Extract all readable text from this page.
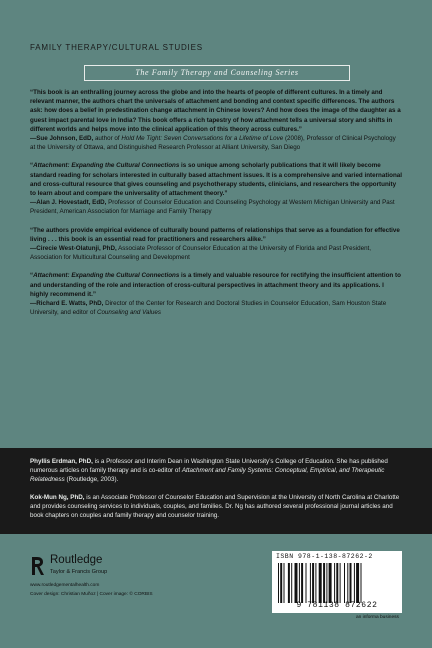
FAMILY THERAPY/CULTURAL STUDIES
The Family Therapy and Counseling Series

“This book is an enthralling journey across the globe and into the hearts of people of different cultures. In a timely and relevant manner, the authors chart the universals of attachment and bonding and context specific differences. The authors ask: how does a belief in predestination change attachment in Chinese lovers? And how does the image of the daughter as a guest impact parental love in India? This book offers a rich tapestry of how attachment tells a universal story and shifts in different worlds and helps move into the clinical application of this theory across cultures.”

—Sue Johnson, EdD, author of Hold Me Tight: Seven Conversations for a Lifetime of Love (2008), Professor of Clinical Psychology at the University of Ottawa, and Distinguished Research Professor at Alliant University, San Diego

“Attachment: Expanding the Cultural Connections is so unique among scholarly publications that it will likely become standard reading for scholars interested in culturally based attachment issues. It is a comprehensive and varied international and cross-cultural resource that gives counseling and psychotherapy students, clinicians, and researchers the opportunity to learn about and compare the universality of attachment theory.”

—Alan J. Hovestadt, EdD, Professor of Counselor Education and Counseling Psychology at Western Michigan University and Past President, American Association for Marriage and Family Therapy

“The authors provide empirical evidence of culturally bound patterns of relationships that serve as a foundation for effective living . . . this book is an essential read for practitioners and researchers alike.”

—Cirecie West-Olatunji, PhD, Associate Professor of Counselor Education at the University of Florida and Past President, Association for Multicultural Counseling and Development

“Attachment: Expanding the Cultural Connections is a timely and valuable resource for rectifying the insufficient attention to and understanding of the role and interaction of cross-cultural perspectives in attachment theory and its applications. I highly recommend it.”

—Richard E. Watts, PhD, Director of the Center for Research and Doctoral Studies in Counselor Education, Sam Houston State University, and editor of Counseling and Values

Phyllis Erdman, PhD, is a Professor and Interim Dean in Washington State University’s College of Education. She has published numerous articles on family therapy and is co-editor of Attachment and Family Systems: Conceptual, Empirical, and Therapeutic Relatedness (Routledge, 2003).

Kok-Mun Ng, PhD, is an Associate Professor of Counselor Education and Supervision at the University of North Carolina at Charlotte and provides counseling services to individuals, couples, and families. Dr. Ng has authored several professional journal articles and book chapters on couples and family therapy and counselor training.

Routledge
Taylor & Francis Group
www.routledgementalhealth.com
Cover design: Christian Muñoz | Cover image: © CORBIS
ISBN 978-1-138-87262-2
9 781138 872622
an informa business
